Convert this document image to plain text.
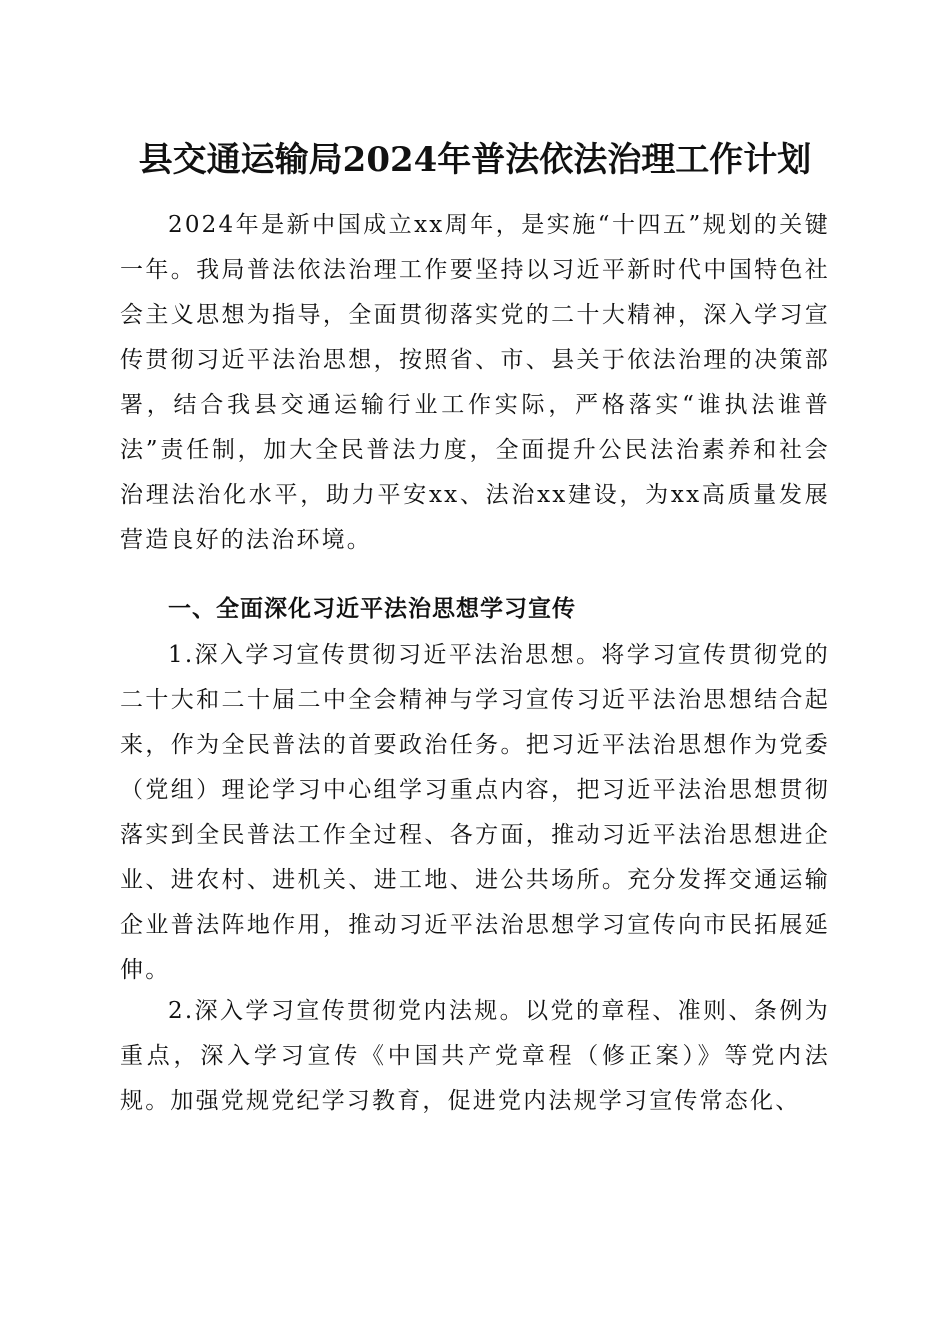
县交通运输局2024年普法依法治理工作计划

2024年是新中国成立xx周年，是实施“十四五”规划的关键一年。我局普法依法治理工作要坚持以习近平新时代中国特色社会主义思想为指导，全面贯彻落实党的二十大精神，深入学习宣传贯彻习近平法治思想，按照省、市、县关于依法治理的决策部署，结合我县交通运输行业工作实际，严格落实“谁执法谁普法”责任制，加大全民普法力度，全面提升公民法治素养和社会治理法治化水平，助力平安xx、法治xx建设，为xx高质量发展营造良好的法治环境。

一、全面深化习近平法治思想学习宣传

1.深入学习宣传贯彻习近平法治思想。将学习宣传贯彻党的二十大和二十届二中全会精神与学习宣传习近平法治思想结合起来，作为全民普法的首要政治任务。把习近平法治思想作为党委（党组）理论学习中心组学习重点内容，把习近平法治思想贯彻落实到全民普法工作全过程、各方面，推动习近平法治思想进企业、进农村、进机关、进工地、进公共场所。充分发挥交通运输企业普法阵地作用，推动习近平法治思想学习宣传向市民拓展延伸。

2.深入学习宣传贯彻党内法规。以党的章程、准则、条例为重点，深入学习宣传《中国共产党章程（修正案）》等党内法规。加强党规党纪学习教育，促进党内法规学习宣传常态化、
